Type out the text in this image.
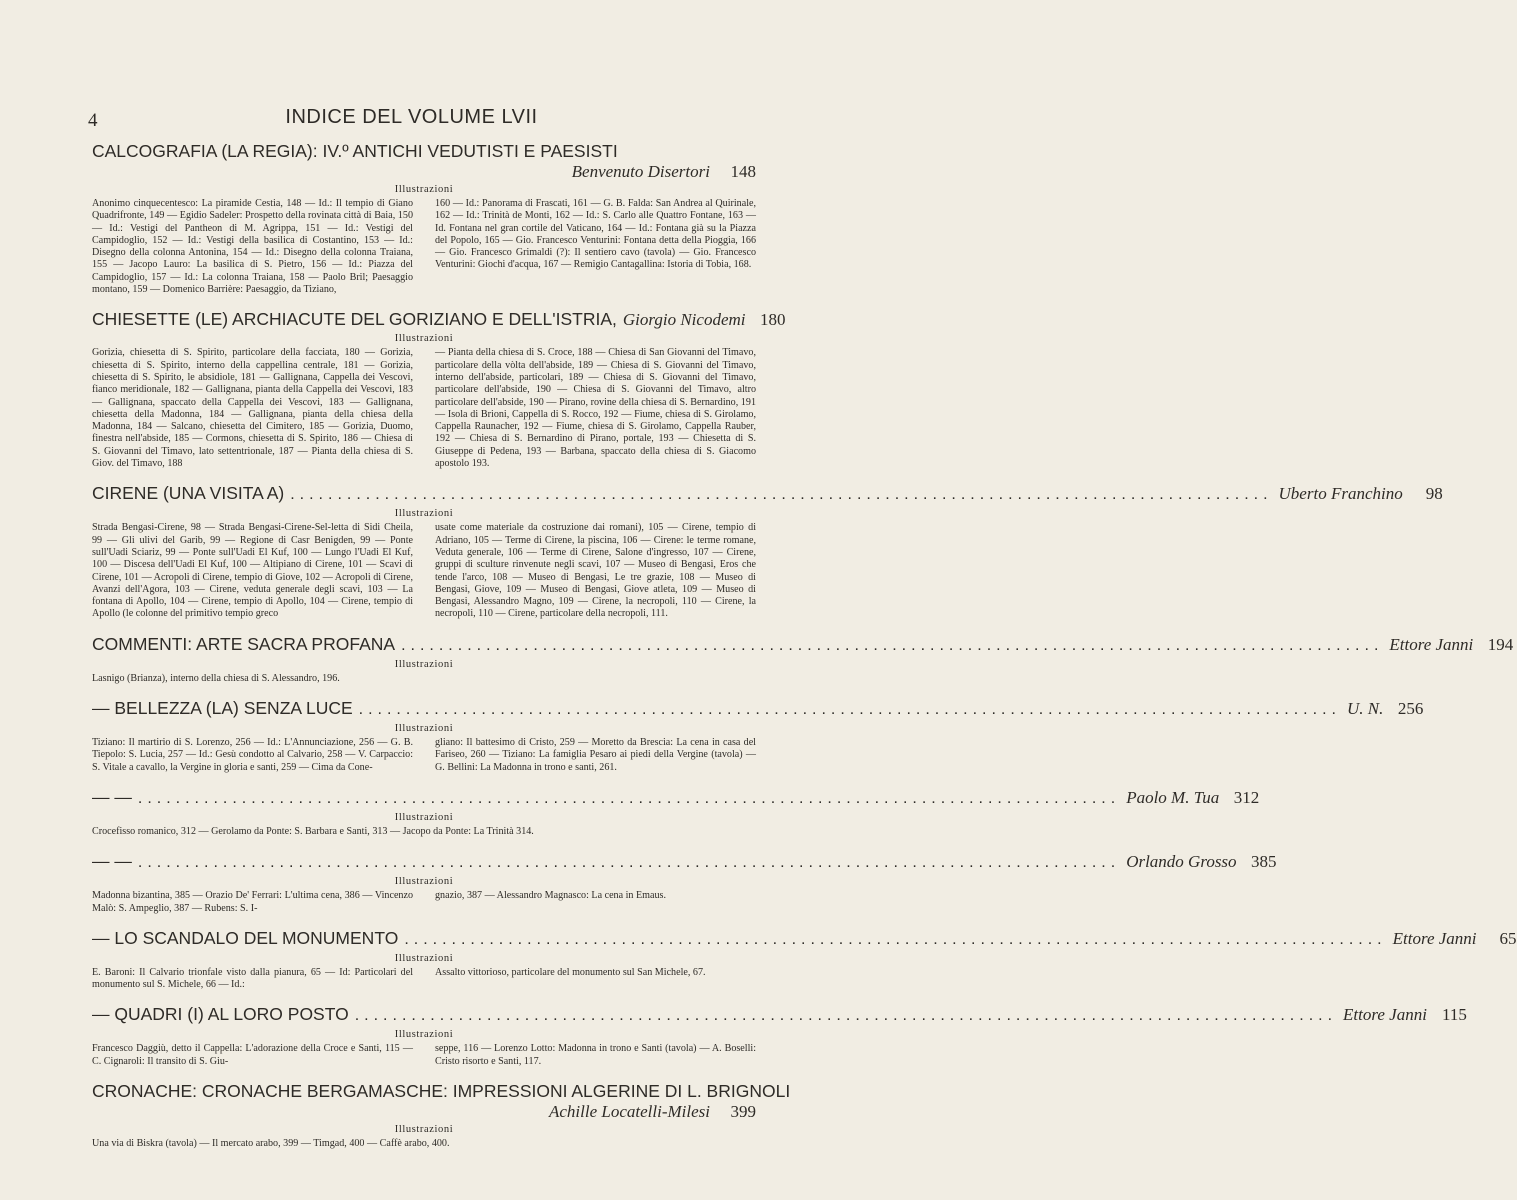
4	INDICE DEL VOLUME LVII
CALCOGRAFIA (LA REGIA): IV.º ANTICHI VEDUTISTI E PAESISTI
Benvenuto Disertori	148
Illustrazioni
Anonimo cinquecentesco: La piramide Cestia, 148 — Id.: Il tempio di Giano Quadrifronte, 149 — Egidio Sadeler: Prospetto della rovinata città di Baia, 150 — Id.: Vestigi del Pantheon di M. Agrippa, 151 — Id.: Vestigi del Campidoglio, 152 — Id.: Vestigi della basilica di Costantino, 153 — Id.: Disegno della colonna Antonina, 154 — Id.: Disegno della colonna Traiana, 155 — Jacopo Lauro: La basilica di S. Pietro, 156 — Id.: Piazza del Campidoglio, 157 — Id.: La colonna Traiana, 158 — Paolo Bril; Paesaggio montano, 159 — Domenico Barrière: Paesaggio, da Tiziano,
160 — Id.: Panorama di Frascati, 161 — G. B. Falda: San Andrea al Quirinale, 162 — Id.: Trinità de Monti, 162 — Id.: S. Carlo alle Quattro Fontane, 163 — Id. Fontana nel gran cortile del Vaticano, 164 — Id.: Fontana già su la Piazza del Popolo, 165 — Gio. Francesco Venturini: Fontana detta della Pioggia, 166 — Gio. Francesco Grimaldi (?): Il sentiero cavo (tavola) — Gio. Francesco Venturini: Giochi d'acqua, 167 — Remigio Cantagallina: Istoria di Tobia, 168.
CHIESETTE (LE) ARCHIACUTE DEL GORIZIANO E DELL'ISTRIA, Giorgio Nicodemi 180
Illustrazioni
Gorizia, chiesetta di S. Spirito, particolare della facciata, 180 — Gorizia, chiesetta di S. Spirito, interno della cappellina centrale, 181 — Gorizia, chiesetta di S. Spirito, le absidiole, 181 — Gallignana, Cappella dei Vescovi, fianco meridionale, 182 — Gallignana, pianta della Cappella dei Vescovi, 183 — Gallignana, spaccato della Cappella dei Vescovi, 183 — Gallignana, chiesetta della Madonna, 184 — Gallignana, pianta della chiesa della Madonna, 184 — Salcano, chiesetta del Cimitero, 185 — Gorizia, Duomo, finestra nell'abside, 185 — Cormons, chiesetta di S. Spirito, 186 — Chiesa di S. Giovanni del Timavo, lato settentrionale, 187 — Pianta della chiesa di S. Giov. del Timavo, 188
— Pianta della chiesa di S. Croce, 188 — Chiesa di San Giovanni del Timavo, particolare della vòlta dell'abside, 189 — Chiesa di S. Giovanni del Timavo, interno dell'abside, particolari, 189 — Chiesa di S. Giovanni del Timavo, particolare dell'abside, 190 — Chiesa di S. Giovanni del Timavo, altro particolare dell'abside, 190 — Pirano, rovine della chiesa di S. Bernardino, 191 — Isola di Brioni, Cappella di S. Rocco, 192 — Fiume, chiesa di S. Girolamo, Cappella Raunacher, 192 — Fiume, chiesa di S. Girolamo, Cappella Rauber, 192 — Chiesa di S. Bernardino di Pirano, portale, 193 — Chiesetta di S. Giuseppe di Pedena, 193 — Barbana, spaccato della chiesa di S. Giacomo apostolo 193.
CIRENE (UNA VISITA A) ........................................................................................................ Uberto Franchino	98
Illustrazioni
Strada Bengasi-Cirene, 98 — Strada Bengasi-Cirene-Sel-letta di Sidi Cheila, 99 — Gli ulivi del Garib, 99 — Regione di Casr Benigden, 99 — Ponte sull'Uadi Sciariz, 99 — Ponte sull'Uadi El Kuf, 100 — Lungo l'Uadi El Kuf, 100 — Discesa dell'Uadi El Kuf, 100 — Altipiano di Cirene, 101 — Scavi di Cirene, 101 — Acropoli di Cirene, tempio di Giove, 102 — Acropoli di Cirene, Avanzi dell'Agora, 103 — Cirene, veduta generale degli scavi, 103 — La fontana di Apollo, 104 — Cirene, tempio di Apollo, 104 — Cirene, tempio di Apollo (le colonne del primitivo tempio greco
usate come materiale da costruzione dai romani), 105 — Cirene, tempio di Adriano, 105 — Terme di Cirene, la piscina, 106 — Cirene: le terme romane, Veduta generale, 106 — Terme di Cirene, Salone d'ingresso, 107 — Cirene, gruppi di sculture rinvenute negli scavi, 107 — Museo di Bengasi, Eros che tende l'arco, 108 — Museo di Bengasi, Le tre grazie, 108 — Museo di Bengasi, Giove, 109 — Museo di Bengasi, Giove atleta, 109 — Museo di Bengasi, Alessandro Magno, 109 — Cirene, la necropoli, 110 — Cirene, la necropoli, 110 — Cirene, particolare della necropoli, 111.
COMMENTI: ARTE SACRA PROFANA ........................................................................................................ Ettore Janni 194
Illustrazioni
Lasnigo (Brianza), interno della chiesa di S. Alessandro, 196.
— BELLEZZA (LA) SENZA LUCE ........................................................................................................ U. N. 256
Illustrazioni
Tiziano: Il martirio di S. Lorenzo, 256 — Id.: L'Annunciazione, 256 — G. B. Tiepolo: S. Lucia, 257 — Id.: Gesù condotto al Calvario, 258 — V. Carpaccio: S. Vitale a cavallo, la Vergine in gloria e santi, 259 — Cima da Cone-
gliano: Il battesimo di Cristo, 259 — Moretto da Brescia: La cena in casa del Fariseo, 260 — Tiziano: La famiglia Pesaro ai piedi della Vergine (tavola) — G. Bellini: La Madonna in trono e santi, 261.
— — ........................................................................................................ Paolo M. Tua 312
Illustrazioni
Crocefisso romanico, 312 — Gerolamo da Ponte: S. Barbara e Santi, 313 — Jacopo da Ponte: La Trinità 314.
— — ........................................................................................................ Orlando Grosso 385
Illustrazioni
Madonna bizantina, 385 — Orazio De' Ferrari: L'ultima cena, 386 — Vincenzo Malò: S. Ampeglio, 387 — Rubens: S. I-
gnazio, 387 — Alessandro Magnasco: La cena in Emaus.
— LO SCANDALO DEL MONUMENTO ........................................................................................................ Ettore Janni	65
Illustrazioni
E. Baroni: Il Calvario trionfale visto dalla pianura, 65 — Id: Particolari del monumento sul S. Michele, 66 — Id.:
Assalto vittorioso, particolare del monumento sul San Michele, 67.
— QUADRI (I) AL LORO POSTO ........................................................................................................ Ettore Janni 115
Illustrazioni
Francesco Daggiù, detto il Cappella: L'adorazione della Croce e Santi, 115 — C. Cignaroli: Il transito di S. Giu-
seppe, 116 — Lorenzo Lotto: Madonna in trono e Santi (tavola) — A. Boselli: Cristo risorto e Santi, 117.
CRONACHE: CRONACHE BERGAMASCHE: IMPRESSIONI ALGERINE DI L. BRIGNOLI
Achille Locatelli-Milesi	399
Illustrazioni
Una via di Biskra (tavola) — Il mercato arabo, 399 — Timgad, 400 — Caffè arabo, 400.
